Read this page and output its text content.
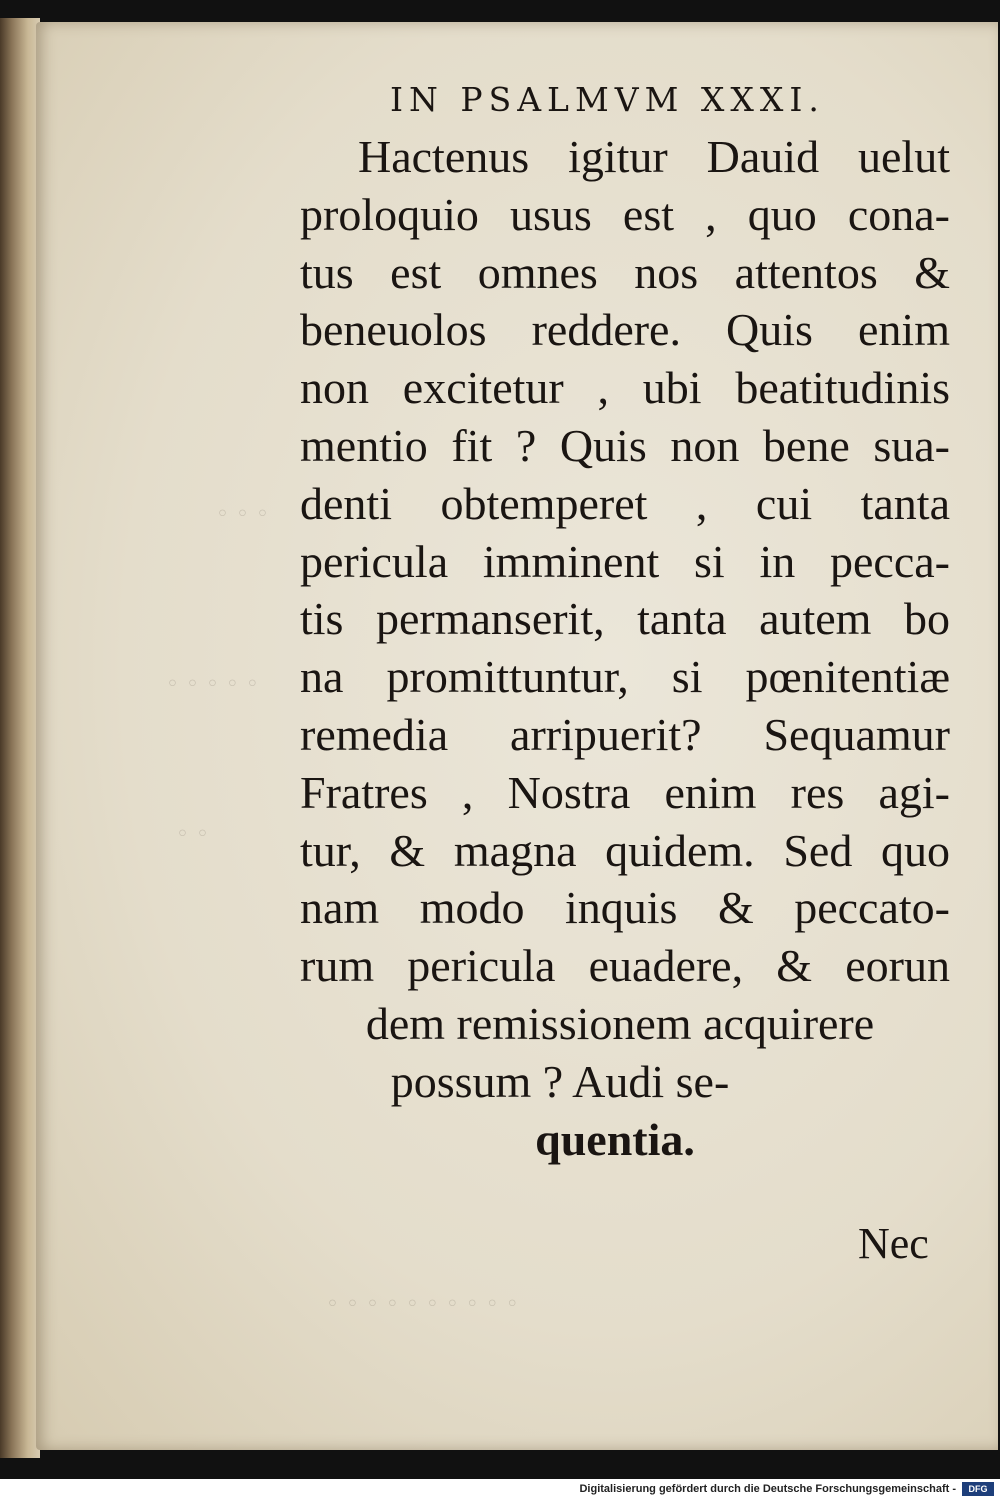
◦ ◦ ◦
◦ ◦ ◦ ◦ ◦
◦ ◦
◦ ◦ ◦ ◦ ◦ ◦ ◦ ◦ ◦ ◦
IN PSALMVM XXXI.
Hactenus igitur Dauid uelut
proloquio usus est , quo cona-
tus est omnes nos attentos &
beneuolos reddere. Quis enim
non excitetur , ubi beatitudinis
mentio fit ? Quis non bene sua-
denti obtemperet , cui tanta
pericula imminent si in pecca-
tis permanserit, tanta autem bo
na promittuntur, si pœnitentiæ
remedia arripuerit? Sequamur
Fratres , Nostra enim res agi-
tur, & magna quidem. Sed quo
nam modo inquis & peccato-
rum pericula euadere, & eorun
dem remissionem acquirere
possum ? Audi se-
quentia.
Nec
Digitalisierung gefördert durch die Deutsche Forschungsgemeinschaft -	DFG
